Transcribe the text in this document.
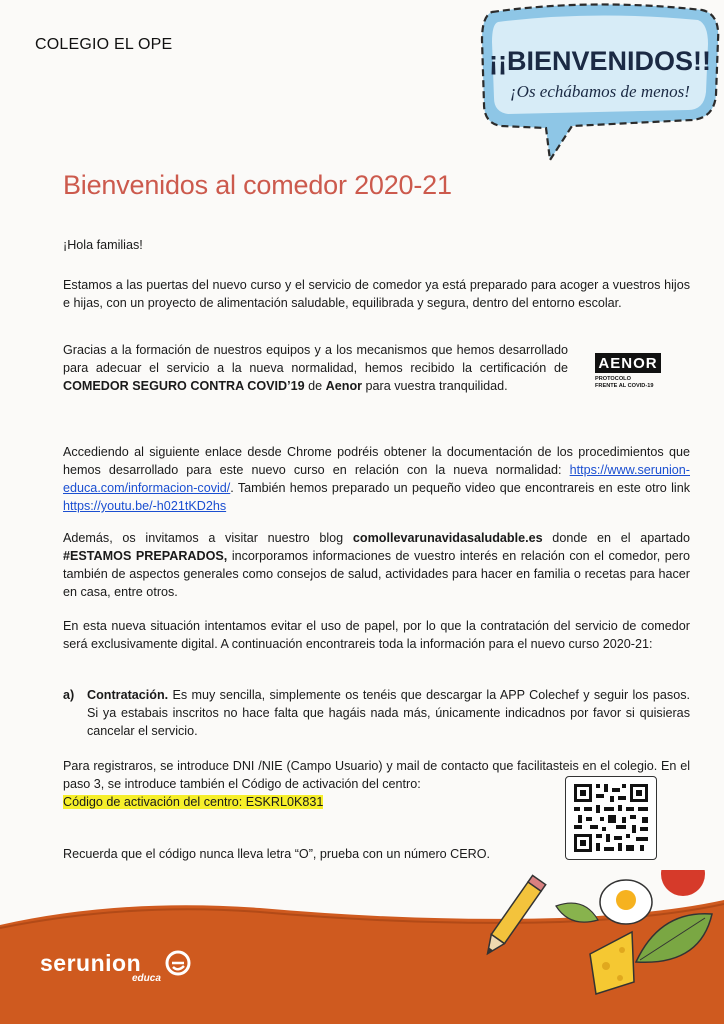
COLEGIO EL OPE
¡¡BIENVENIDOS!!
¡Os echábamos de menos!
Bienvenidos al comedor 2020-21

¡Hola familias!

Estamos a las puertas del nuevo curso y el servicio de comedor ya está preparado para acoger a vuestros hijos e hijas, con un proyecto de alimentación saludable, equilibrada y segura, dentro del entorno escolar.

Gracias a la formación de nuestros equipos y a los mecanismos que hemos desarrollado para adecuar el servicio a la nueva normalidad, hemos recibido la certificación de COMEDOR SEGURO CONTRA COVID’19 de Aenor para vuestra tranquilidad.

AENOR
PROTOCOLO
FRENTE AL COVID-19

Accediendo al siguiente enlace desde Chrome podréis obtener la documentación de los procedimientos que hemos desarrollado para este nuevo curso en relación con la nueva normalidad: https://www.serunion-educa.com/informacion-covid/. También hemos preparado un pequeño video que encontrareis en este otro link https://youtu.be/-h021tKD2hs

Además, os invitamos a visitar nuestro blog comollevarunavidasaludable.es donde en el apartado #ESTAMOS PREPARADOS, incorporamos informaciones de vuestro interés en relación con el comedor, pero también de aspectos generales como consejos de salud, actividades para hacer en familia o recetas para hacer en casa, entre otros.

En esta nueva situación intentamos evitar el uso de papel, por lo que la contratación del servicio de comedor será exclusivamente digital. A continuación encontrareis toda la información para el nuevo curso 2020-21:

a) Contratación. Es muy sencilla, simplemente os tenéis que descargar la APP Colechef y seguir los pasos. Si ya estabais inscritos no hace falta que hagáis nada más, únicamente indicadnos por favor si quisieras cancelar el servicio.

Para registraros, se introduce DNI /NIE (Campo Usuario) y mail de contacto que facilitasteis en el colegio. En el paso 3, se introduce también el Código de activación del centro:

Código de activación del centro: ESKRL0K831

Recuerda que el código nunca lleva letra “O”, prueba con un número CERO.

serunion
educa
